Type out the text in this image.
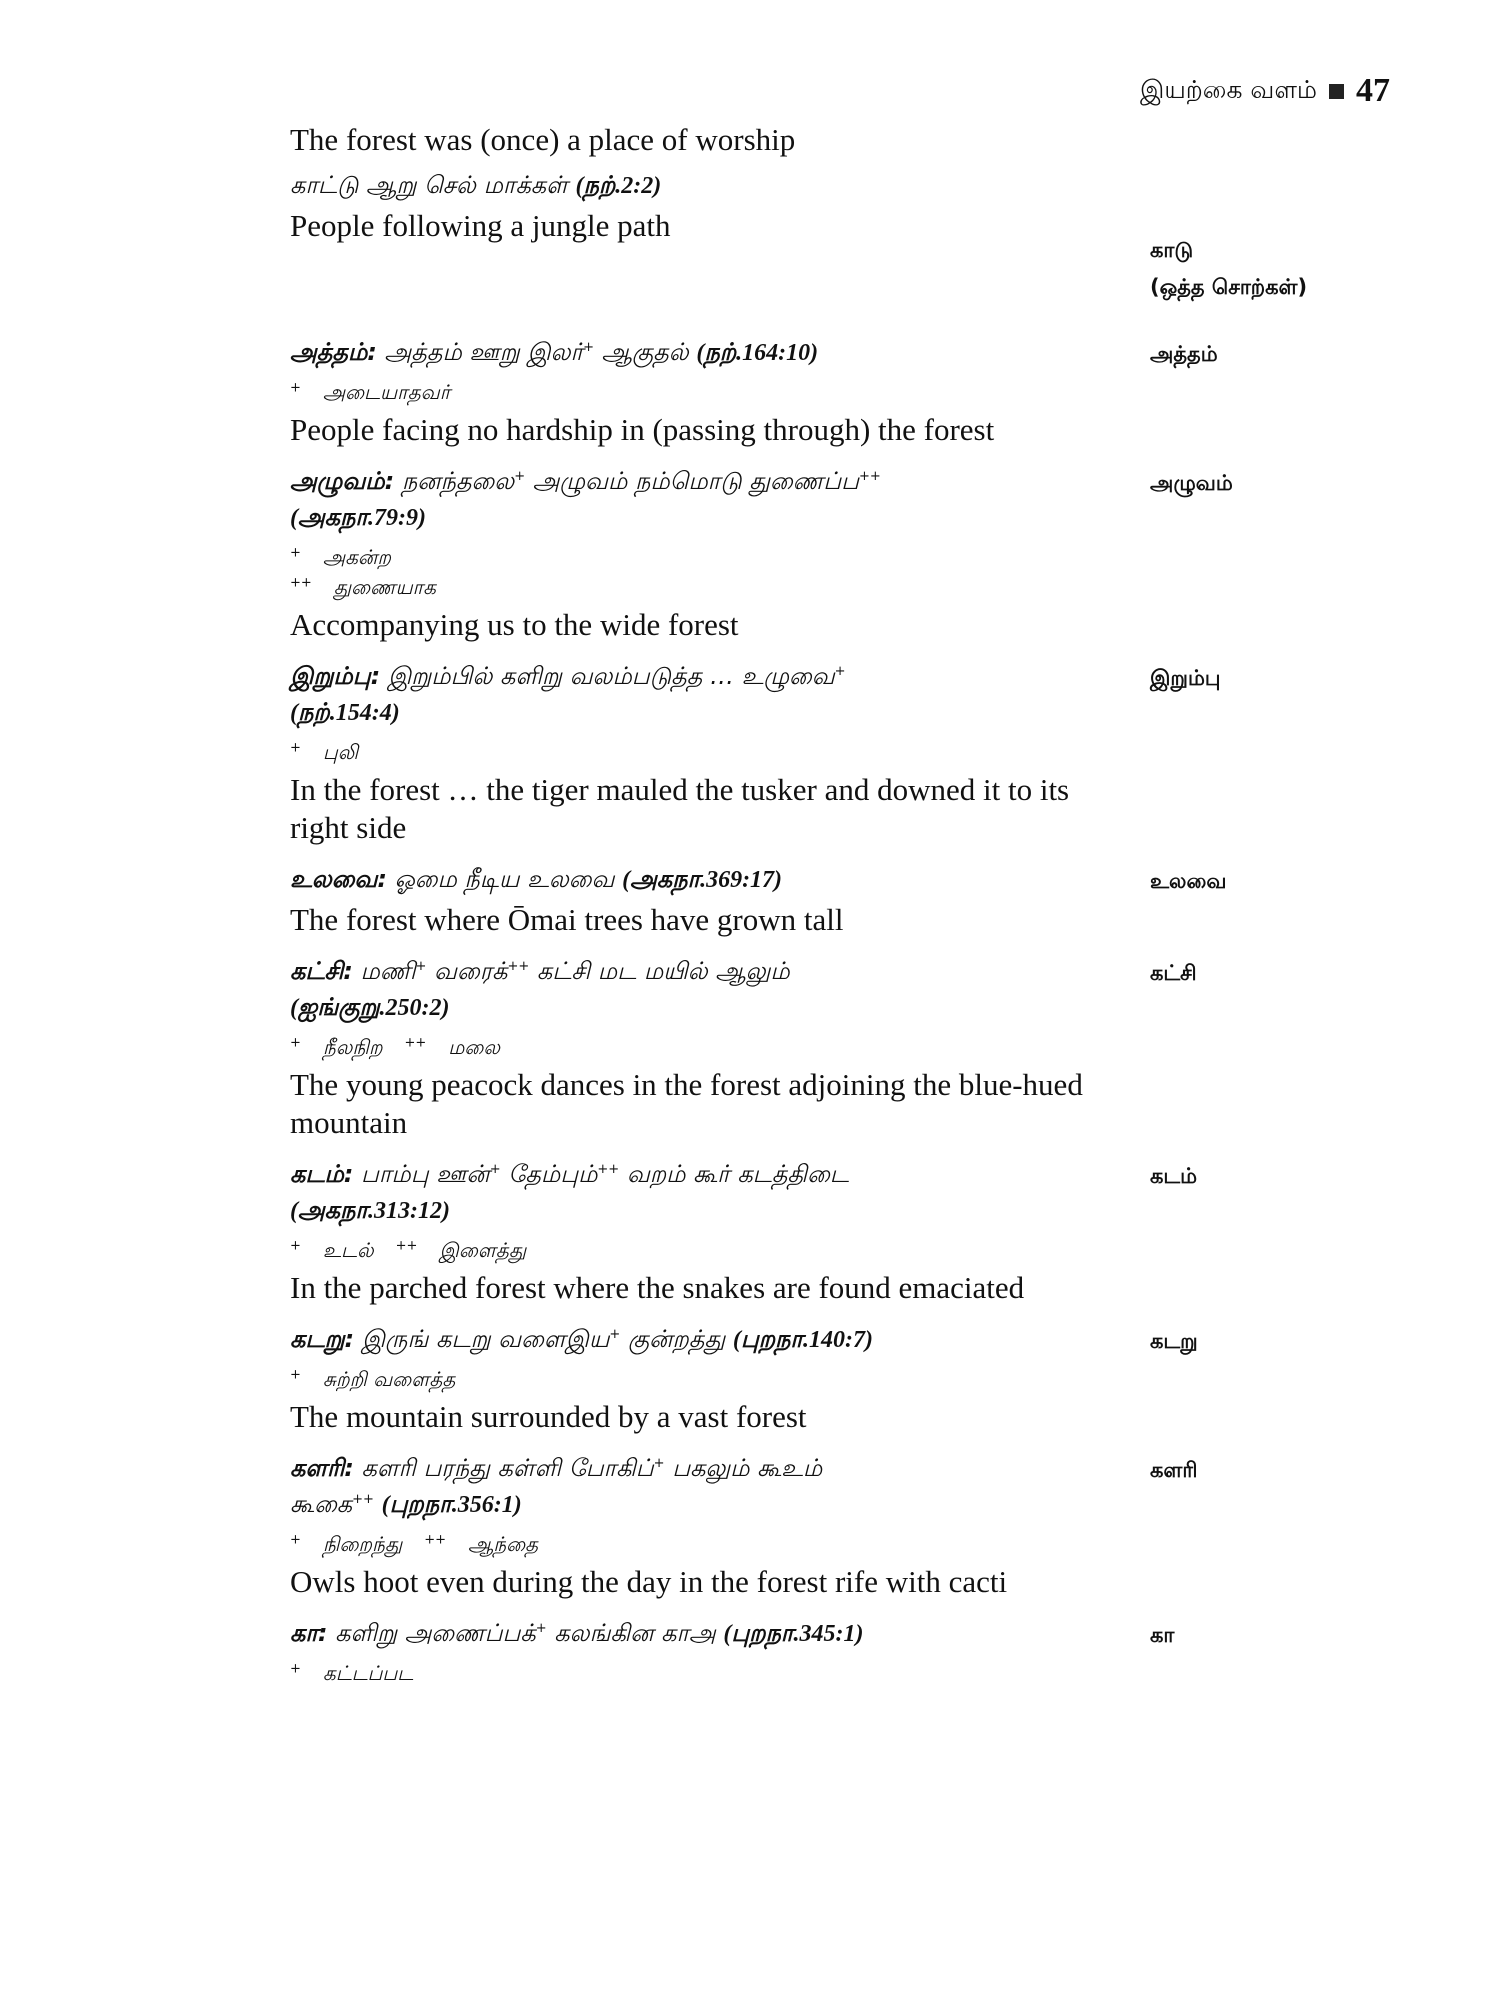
இயற்கை வளம் 47
The forest was (once) a place of worship
காட்டு ஆறு செல் மாக்கள் (நற்.2:2)
People following a jungle path
காடு
(ஒத்த சொற்கள்)
அத்தம்: அத்தம் ஊறு இலர்+ ஆகுதல் (நற்.164:10)
+ அடையாதவர்
People facing no hardship in (passing through) the forest
அத்தம்
அழுவம்: நனந்தலை+ அழுவம் நம்மொடு துணைப்ப++
(அகநா.79:9)
+ அகன்ற
++ துணையாக
Accompanying us to the wide forest
அழுவம்
இறும்பு: இறும்பில் களிறு வலம்படுத்த … உழுவை+
(நற்.154:4)
+ புலி
In the forest … the tiger mauled the tusker and downed it to its right side
இறும்பு
உலவை: ஓமை நீடிய உலவை (அகநா.369:17)
The forest where Ōmai trees have grown tall
உலவை
கட்சி: மணி+ வரைக்++ கட்சி மட மயில் ஆலும்
(ஐங்குறு.250:2)
+ நீலநிற ++ மலை
The young peacock dances in the forest adjoining the blue-hued mountain
கட்சி
கடம்: பாம்பு ஊன்+ தேம்பும்++ வறம் கூர் கடத்திடை
(அகநா.313:12)
+ உடல் ++ இளைத்து
In the parched forest where the snakes are found emaciated
கடம்
கடறு: இருங் கடறு வளைஇய+ குன்றத்து (புறநா.140:7)
+ சுற்றி வளைத்த
The mountain surrounded by a vast forest
கடறு
களரி: களரி பரந்து கள்ளி போகிப்+ பகலும் கூஉம்
கூகை++ (புறநா.356:1)
+ நிறைந்து ++ ஆந்தை
Owls hoot even during the day in the forest rife with cacti
களரி
கா: களிறு அணைப்பக்+ கலங்கின காஅ (புறநா.345:1)
+ கட்டப்பட
கா
